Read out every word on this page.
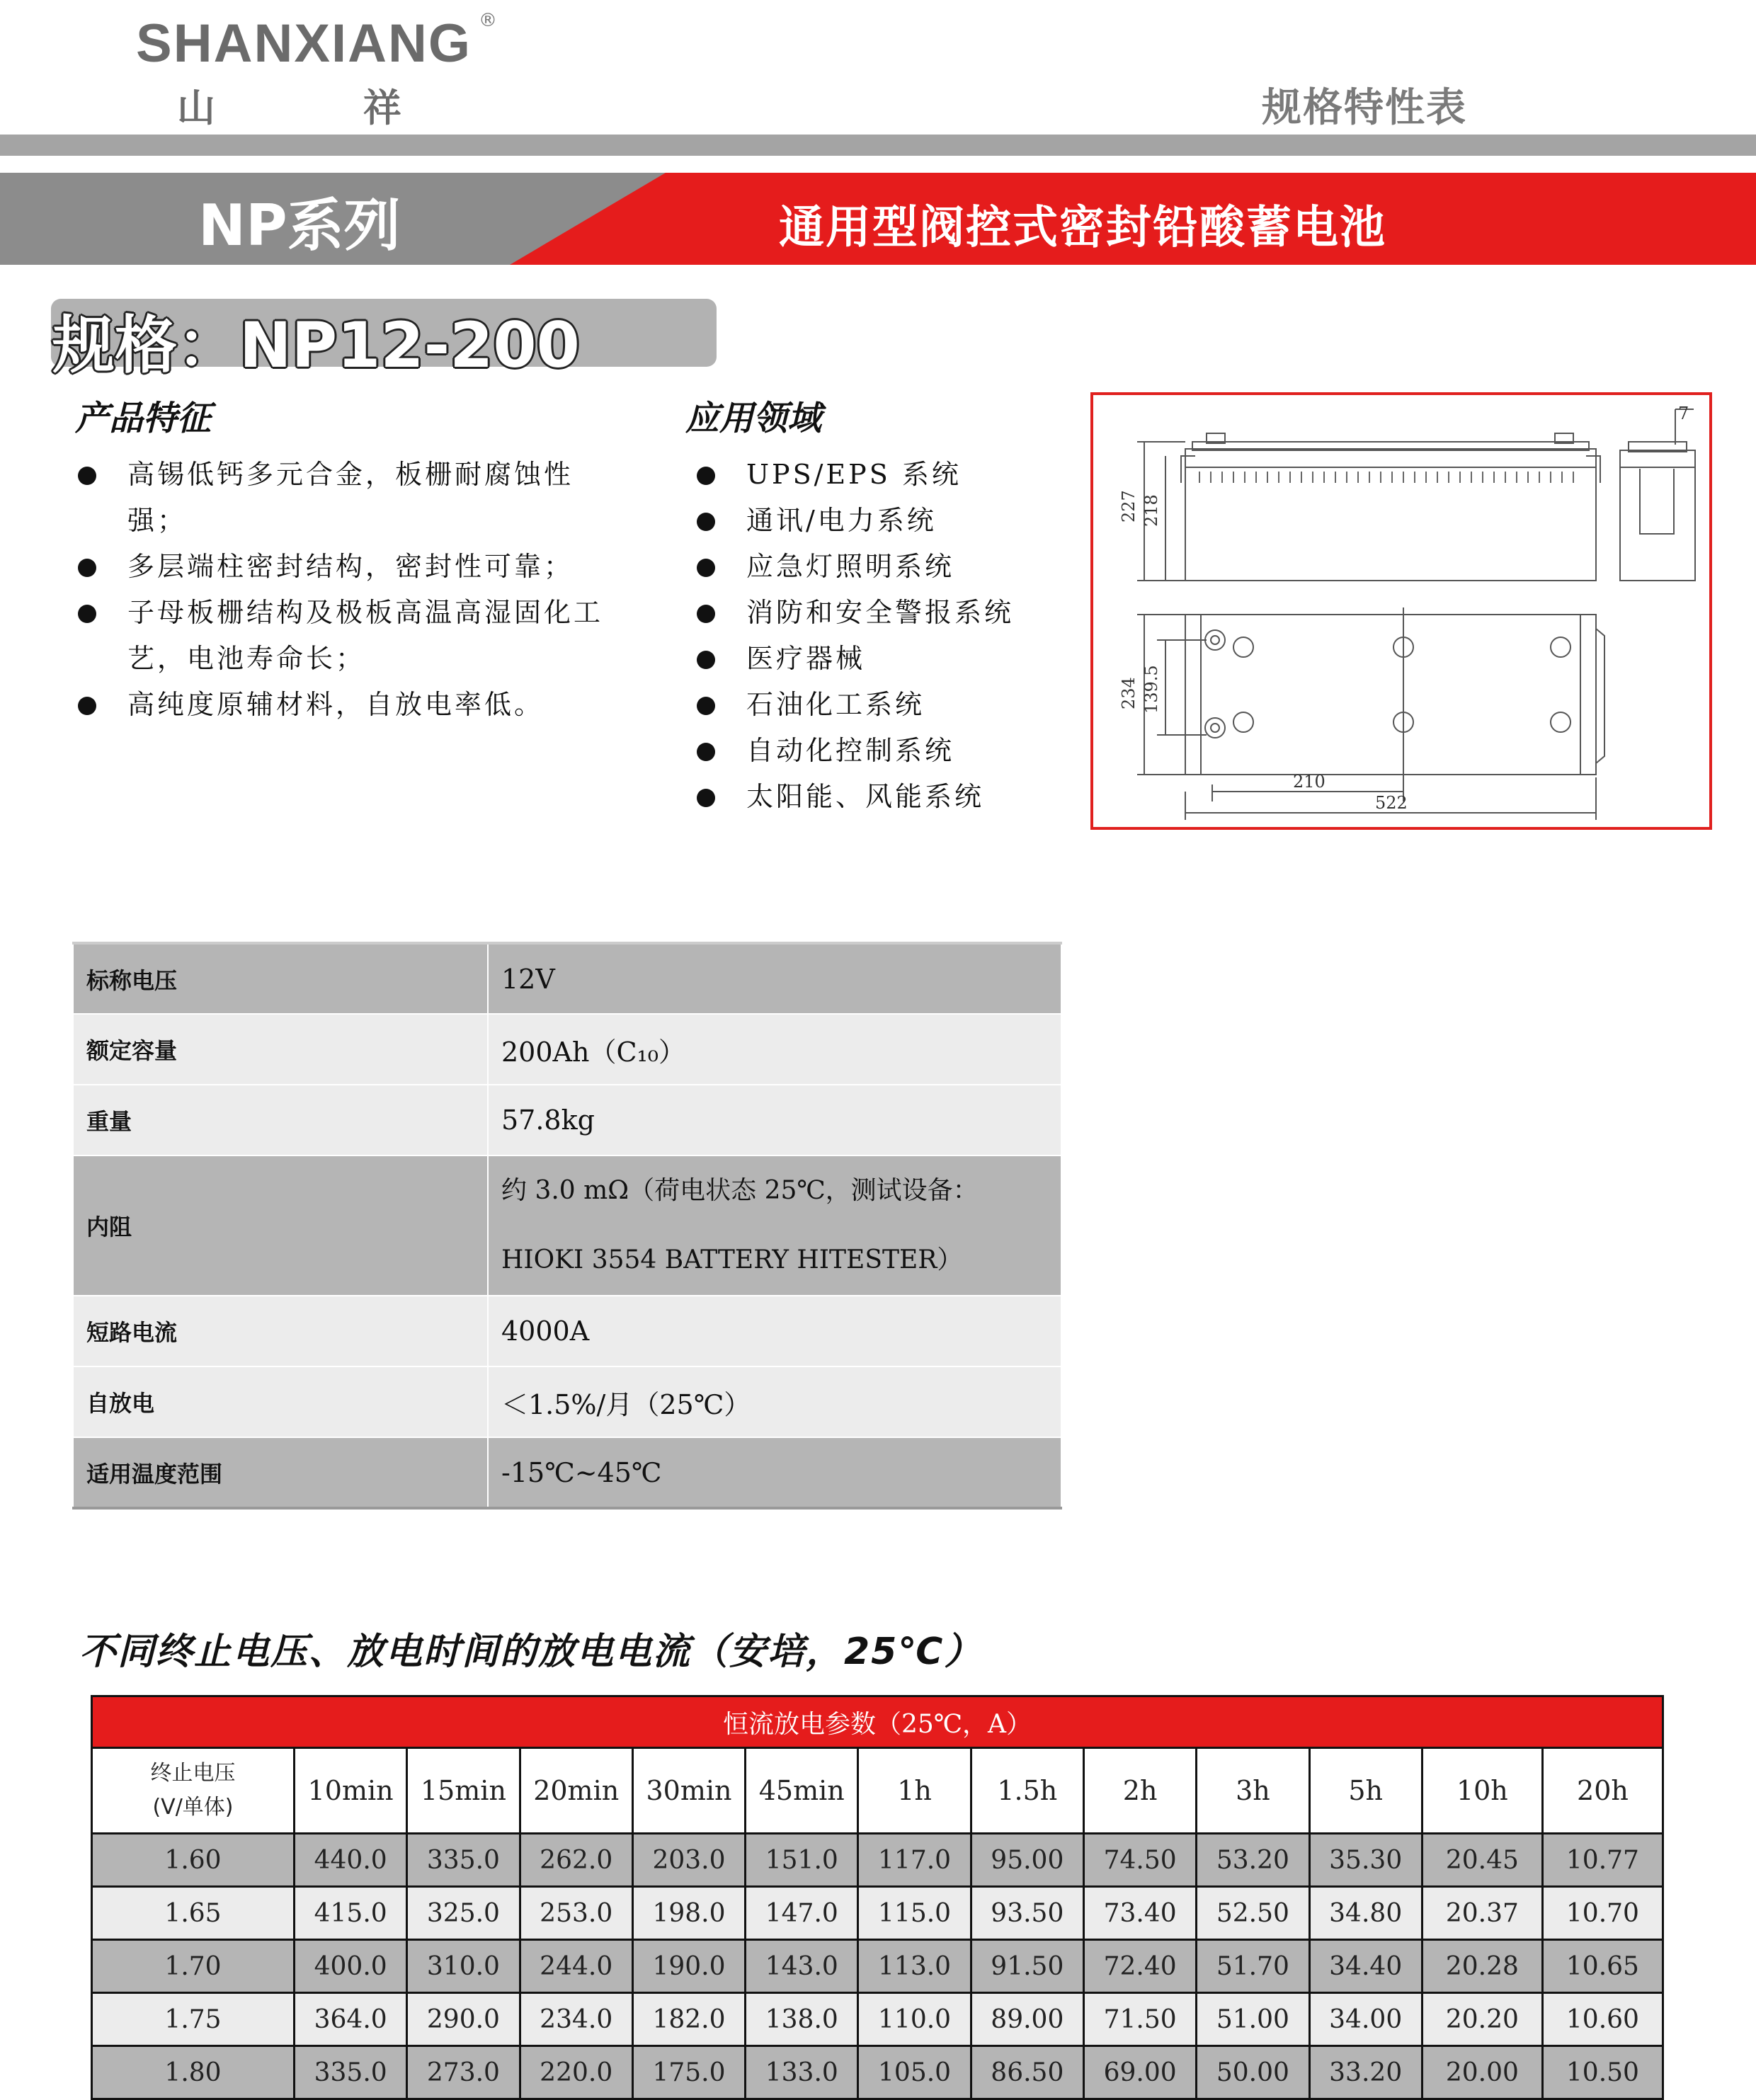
SHANXIANG ®
山 祥	规格特性表
NP系列	通用型阀控式密封铅酸蓄电池
规格：NP12-200
产品特征
高锡低钙多元合金，板栅耐腐蚀性强；
多层端柱密封结构，密封性可靠；
子母板栅结构及极板高温高湿固化工艺，电池寿命长；
高纯度原辅材料，自放电率低。
应用领域
UPS/EPS 系统
通讯/电力系统
应急灯照明系统
消防和安全警报系统
医疗器械
石油化工系统
自动化控制系统
太阳能、风能系统
227 218
7
234 139.5
210
522
标称电压	12V
额定容量	200Ah（C₁₀）
重量	57.8kg
内阻	约 3.0 mΩ（荷电状态 25℃，测试设备：
HIOKI 3554 BATTERY HITESTER）

短路电流	4000A
自放电	＜1.5%/月（25℃）
适用温度范围	-15℃~45℃
不同终止电压、放电时间的放电电流（安培，25℃）
恒流放电参数（25℃，A）												

终止电压
(V/单体)	10min	15min	20min	30min	45min	1h	1.5h	2h	3h	5h	10h	20h
1.60	440.0	335.0	262.0	203.0	151.0	117.0	95.00	74.50	53.20	35.30	20.45	10.77
1.65	415.0	325.0	253.0	198.0	147.0	115.0	93.50	73.40	52.50	34.80	20.37	10.70
1.70	400.0	310.0	244.0	190.0	143.0	113.0	91.50	72.40	51.70	34.40	20.28	10.65
1.75	364.0	290.0	234.0	182.0	138.0	110.0	89.00	71.50	51.00	34.00	20.20	10.60
1.80	335.0	273.0	220.0	175.0	133.0	105.0	86.50	69.00	50.00	33.20	20.00	10.50
